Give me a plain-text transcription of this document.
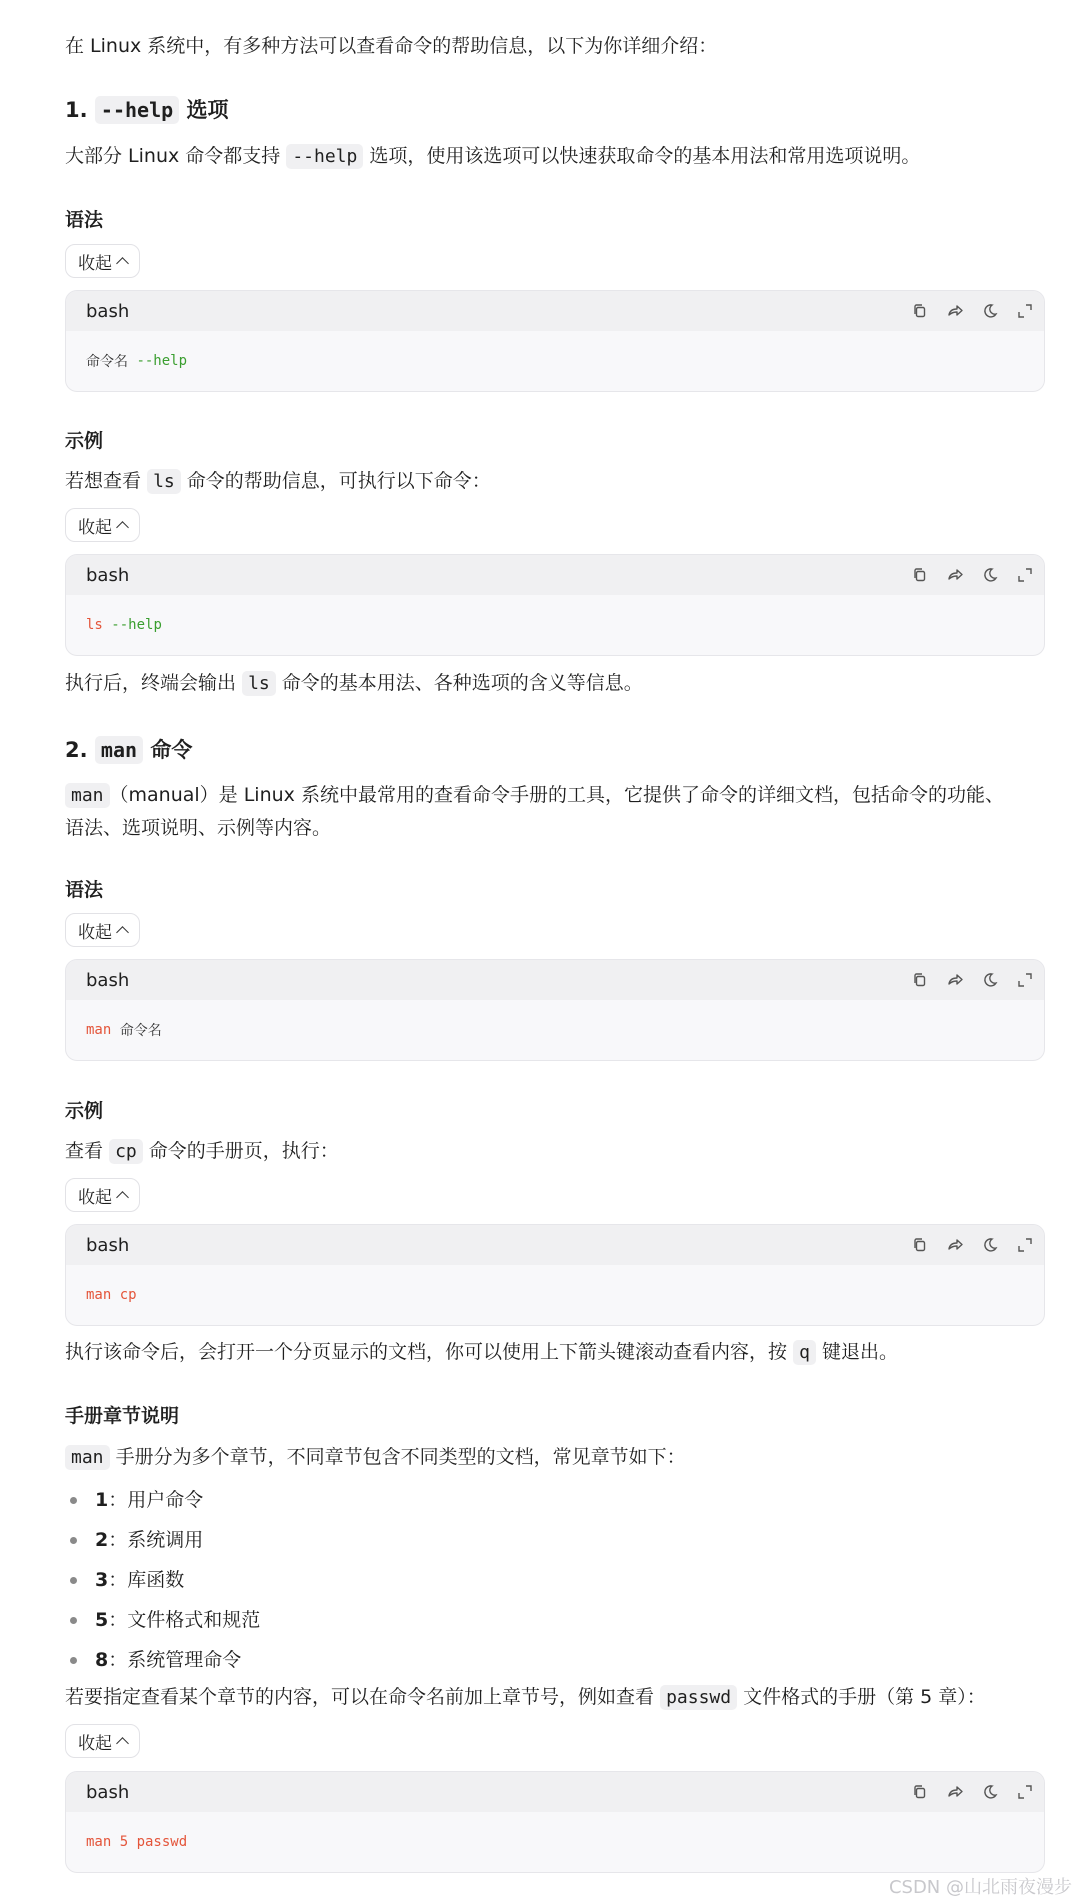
在 Linux 系统中，有多种方法可以查看命令的帮助信息，以下为你详细介绍：

1. --help 选项

大部分 Linux 命令都支持 --help 选项，使用该选项可以快速获取命令的基本用法和常用选项说明。

语法
收起
bash
命令名 --help
示例

若想查看 ls 命令的帮助信息，可执行以下命令：

收起
bash
ls --help

执行后，终端会输出 ls 命令的基本用法、各种选项的含义等信息。

2. man 命令

man （manual）是 Linux 系统中最常用的查看命令手册的工具，它提供了命令的详细文档，包括命令的功能、

语法、选项说明、示例等内容。

语法
收起
bash
man 命令名
示例

查看 cp 命令的手册页，执行：

收起
bash
man cp

执行该命令后，会打开一个分页显示的文档，你可以使用上下箭头键滚动查看内容，按 q 键退出。

手册章节说明

man 手册分为多个章节，不同章节包含不同类型的文档，常见章节如下：

1：用户命令
2：系统调用
3：库函数
5：文件格式和规范
8：系统管理命令

若要指定查看某个章节的内容，可以在命令名前加上章节号，例如查看 passwd 文件格式的手册（第 5 章）：

收起
bash
man 5 passwd
CSDN @山北雨夜漫步
